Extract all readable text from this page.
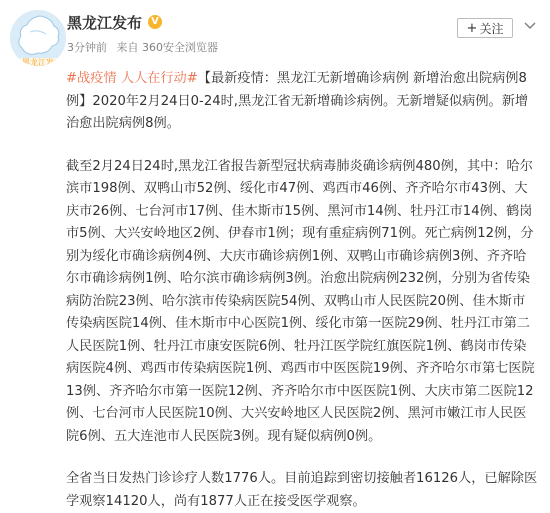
黑龙江发布
黑龙江发布 V
3分钟前 来自 360安全浏览器
+ 关注

#战疫情 人人在行动#【最新疫情：黑龙江无新增确诊病例 新增治愈出院病例8例】2020年2月24日0-24时,黑龙江省无新增确诊病例。无新增疑似病例。新增治愈出院病例8例。

截至2月24日24时,黑龙江省报告新型冠状病毒肺炎确诊病例480例，其中：哈尔滨市198例、双鸭山市52例、绥化市47例、鸡西市46例、齐齐哈尔市43例、大庆市26例、七台河市17例、佳木斯市15例、黑河市14例、牡丹江市14例、鹤岗市5例、大兴安岭地区2例、伊春市1例；现有重症病例71例。死亡病例12例，分别为绥化市确诊病例4例、大庆市确诊病例1例、双鸭山市确诊病例3例、齐齐哈尔市确诊病例1例、哈尔滨市确诊病例3例。治愈出院病例232例，分别为省传染病防治院23例、哈尔滨市传染病医院54例、双鸭山市人民医院20例、佳木斯市传染病医院14例、佳木斯市中心医院1例、绥化市第一医院29例、牡丹江市第二人民医院1例、牡丹江市康安医院6例、牡丹江医学院红旗医院1例、鹤岗市传染病医院4例、鸡西市传染病医院1例、鸡西市中医医院19例、齐齐哈尔市第七医院13例、齐齐哈尔市第一医院12例、齐齐哈尔市中医医院1例、大庆市第二医院12例、七台河市人民医院10例、大兴安岭地区人民医院2例、黑河市嫩江市人民医院6例、五大连池市人民医院3例。现有疑似病例0例。

全省当日发热门诊诊疗人数1776人。目前追踪到密切接触者16126人，已解除医学观察14120人，尚有1877人正在接受医学观察。
